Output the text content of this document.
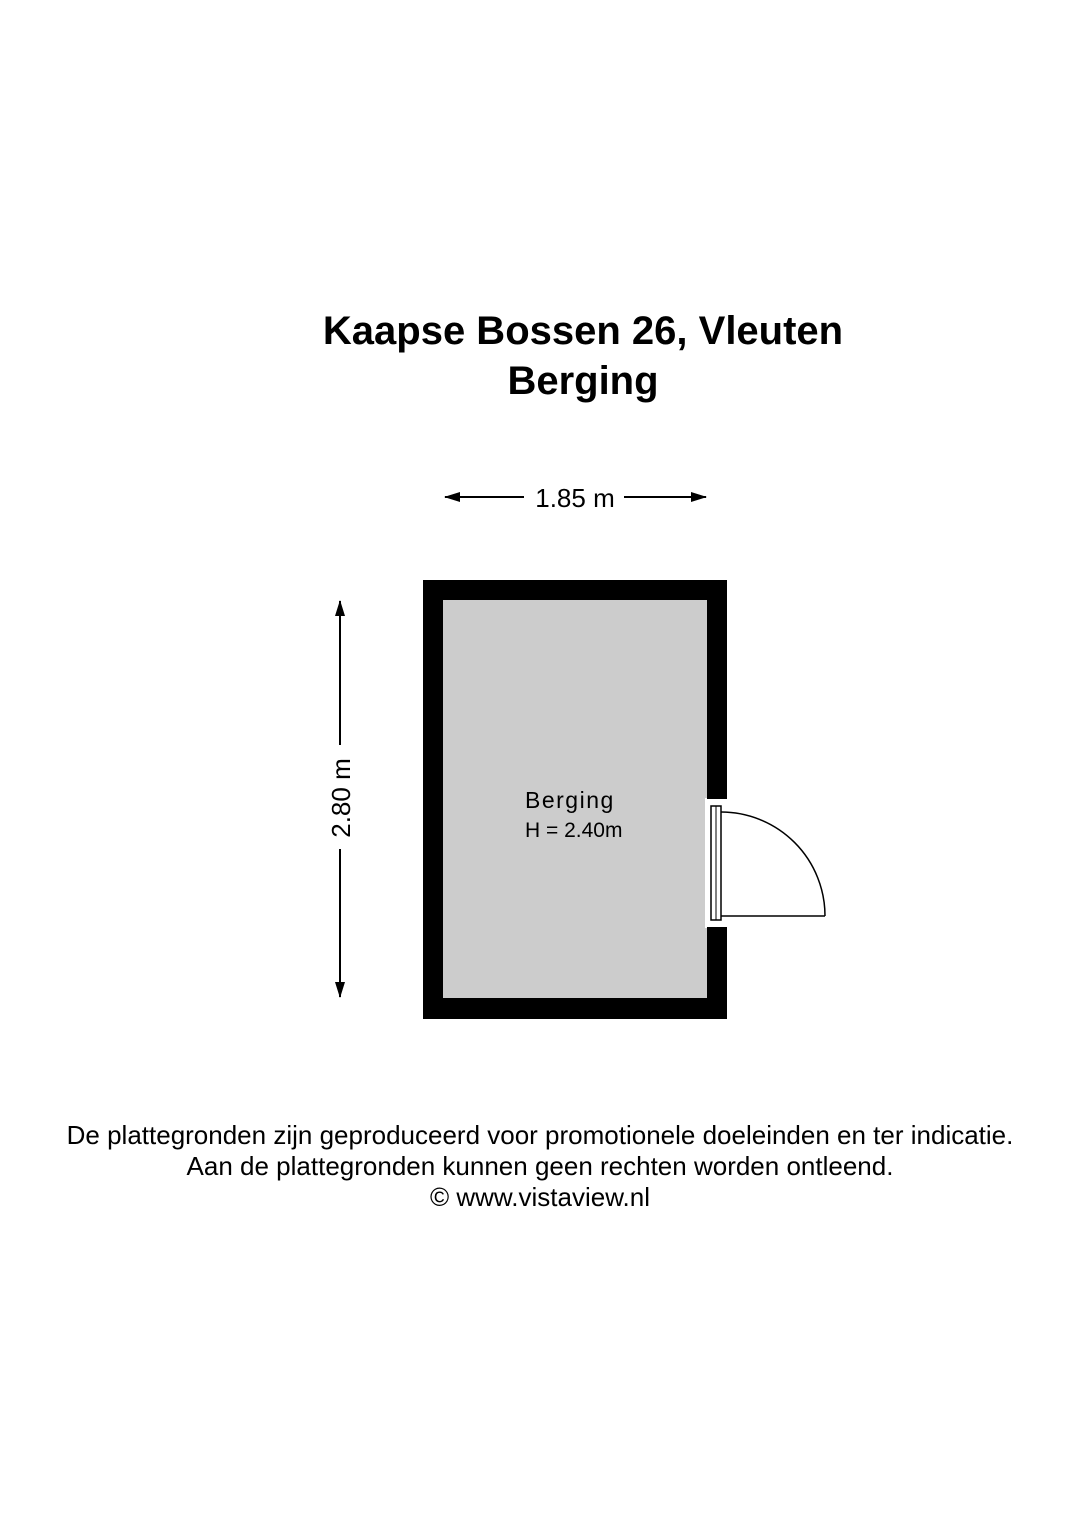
Kaapse Bossen 26, Vleuten
Berging
1.85 m
2.80 m	Berging
H = 2.40m

De plattegronden zijn geproduceerd voor promotionele doeleinden en ter indicatie.

Aan de plattegronden kunnen geen rechten worden ontleend.

© www.vistaview.nl
